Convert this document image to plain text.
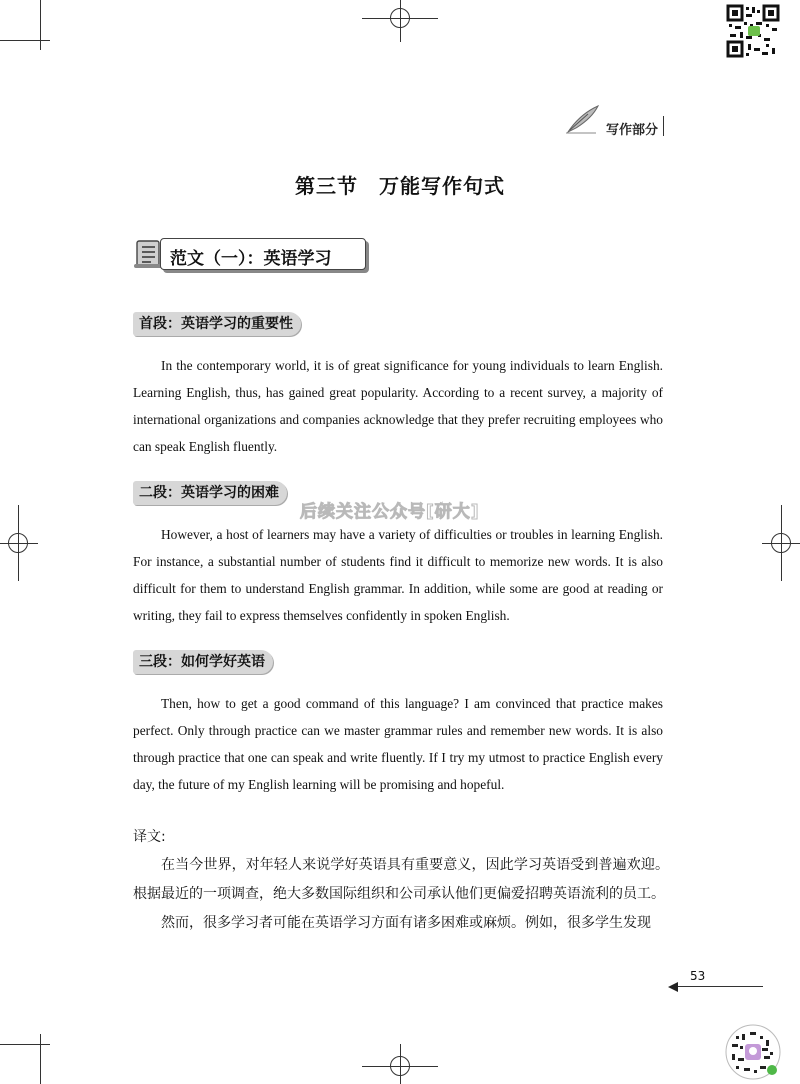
写作部分
第三节　万能写作句式
范文（一）：英语学习
首段：英语学习的重要性

In the contemporary world, it is of great significance for young individuals to learn English. Learning English, thus, has gained great popularity. According to a recent survey, a majority of international organizations and companies acknowledge that they prefer recruiting employees who can speak English fluently.

二段：英语学习的困难

However, a host of learners may have a variety of difficulties or troubles in learning English. For instance, a substantial number of students find it difficult to memorize new words. It is also difficult for them to understand English grammar. In addition, while some are good at reading or writing, they fail to express themselves confidently in spoken English.

后续关注公众号[研大]
三段：如何学好英语

Then, how to get a good command of this language? I am convinced that practice makes perfect. Only through practice can we master grammar rules and remember new words. It is also through practice that one can speak and write fluently. If I try my utmost to practice English every day, the future of my English learning will be promising and hopeful.

译文:

在当今世界，对年轻人来说学好英语具有重要意义，因此学习英语受到普遍欢迎。根据最近的一项调查，绝大多数国际组织和公司承认他们更偏爱招聘英语流利的员工。

然而，很多学习者可能在英语学习方面有诸多困难或麻烦。例如，很多学生发现

53
